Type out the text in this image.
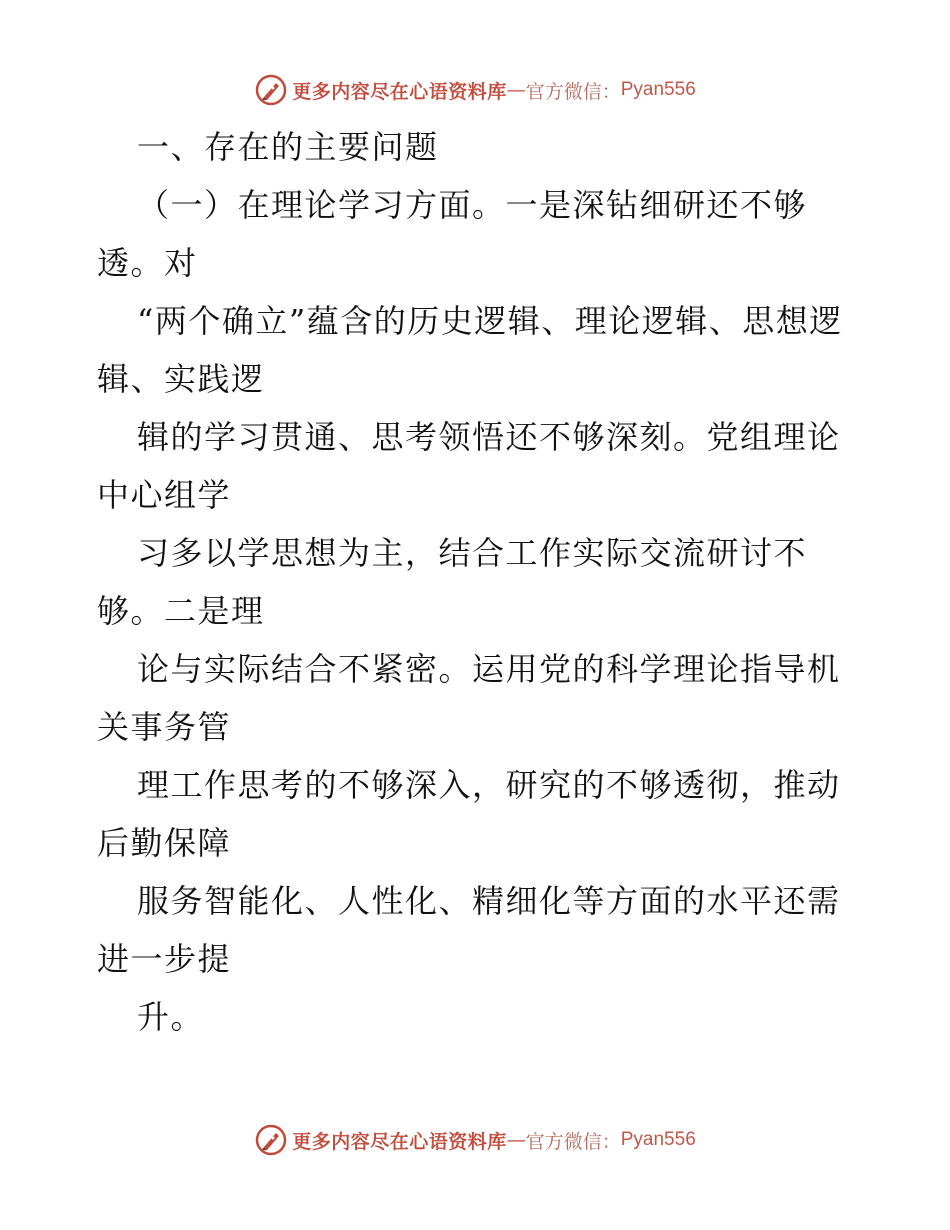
更多内容尽在心语资料库 — 官方微信： Pyan556

一、存在的主要问题

（一）在理论学习方面。一是深钻细研还不够透。对

“两个确立”蕴含的历史逻辑、理论逻辑、思想逻辑、实践逻

辑的学习贯通、思考领悟还不够深刻。党组理论中心组学

习多以学思想为主，结合工作实际交流研讨不够。二是理

论与实际结合不紧密。运用党的科学理论指导机关事务管

理工作思考的不够深入，研究的不够透彻，推动后勤保障

服务智能化、人性化、精细化等方面的水平还需进一步提

升。

更多内容尽在心语资料库 — 官方微信： Pyan556
